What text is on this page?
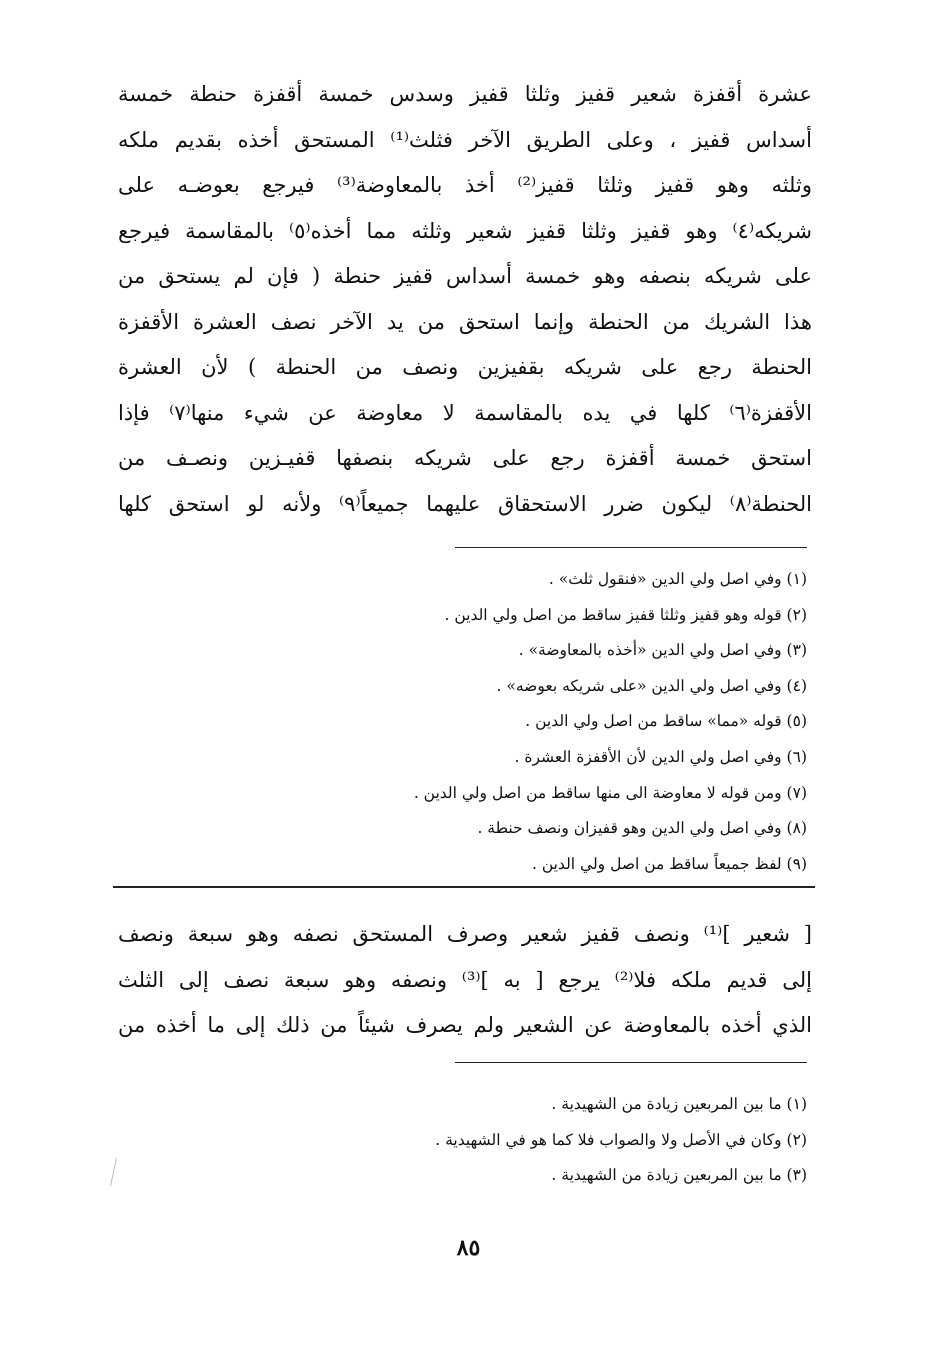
عشرة أقفزة شعير قفيز وثلثا قفيز وسدس خمسة أقفزة حنطة خمسة
أسداس قفيز ، وعلى الطريق الآخر فثلث⁽¹⁾ المستحق أخذه بقديم ملكه
وثلثه وهو قفيز وثلثا قفيز⁽²⁾ أخذ بالمعاوضة⁽³⁾ فيرجع بعوضـه على
شريكه⁽٤⁾ وهو قفيز وثلثا قفيز شعير وثلثه مما أخذه⁽٥⁾ بالمقاسمة فيرجع
على شريكه بنصفه وهو خمسة أسداس قفيز حنطة ( فإن لم يستحق من
هذا الشريك من الحنطة وإنما استحق من يد الآخر نصف العشرة الأقفزة
الحنطة رجع على شريكه بقفيزين ونصف من الحنطة ) لأن العشرة
الأقفزة⁽٦⁾ كلها في يده بالمقاسمة لا معاوضة عن شيء منها⁽٧⁾ فإذا
استحق خمسة أقفزة رجع على شريكه بنصفها قفيـزين ونصـف من
الحنطة⁽٨⁾ ليكون ضرر الاستحقاق عليهما جميعاً⁽٩⁾ ولأنه لو استحق كلها
(١) وفي اصل ولي الدين «فنقول ثلث» .
(٢) قوله وهو قفيز وثلثا قفيز ساقط من اصل ولي الدين .
(٣) وفي اصل ولي الدين «أخذه بالمعاوضة» .
(٤) وفي اصل ولي الدين «على شريكه بعوضه» .
(٥) قوله «مما» ساقط من اصل ولي الدين .
(٦) وفي اصل ولي الدين لأن الأقفزة العشرة .
(٧) ومن قوله لا معاوضة الى منها ساقط من اصل ولي الدين .
(٨) وفي اصل ولي الدين وهو قفيزان ونصف حنطة .
(٩) لفظ جميعاً ساقط من اصل ولي الدين .
[ شعير ]⁽¹⁾ ونصف قفيز شعير وصرف المستحق نصفه وهو سبعة ونصف
إلى قديم ملكه فلا⁽²⁾ يرجع [ به ]⁽³⁾ ونصفه وهو سبعة نصف إلى الثلث
الذي أخذه بالمعاوضة عن الشعير ولم يصرف شيئاً من ذلك إلى ما أخذه من
(١) ما بين المربعين زيادة من الشهيدية .
(٢) وكان في الأصل ولا والصواب فلا كما هو في الشهيدية .
(٣) ما بين المربعين زيادة من الشهيدية .
٨٥
